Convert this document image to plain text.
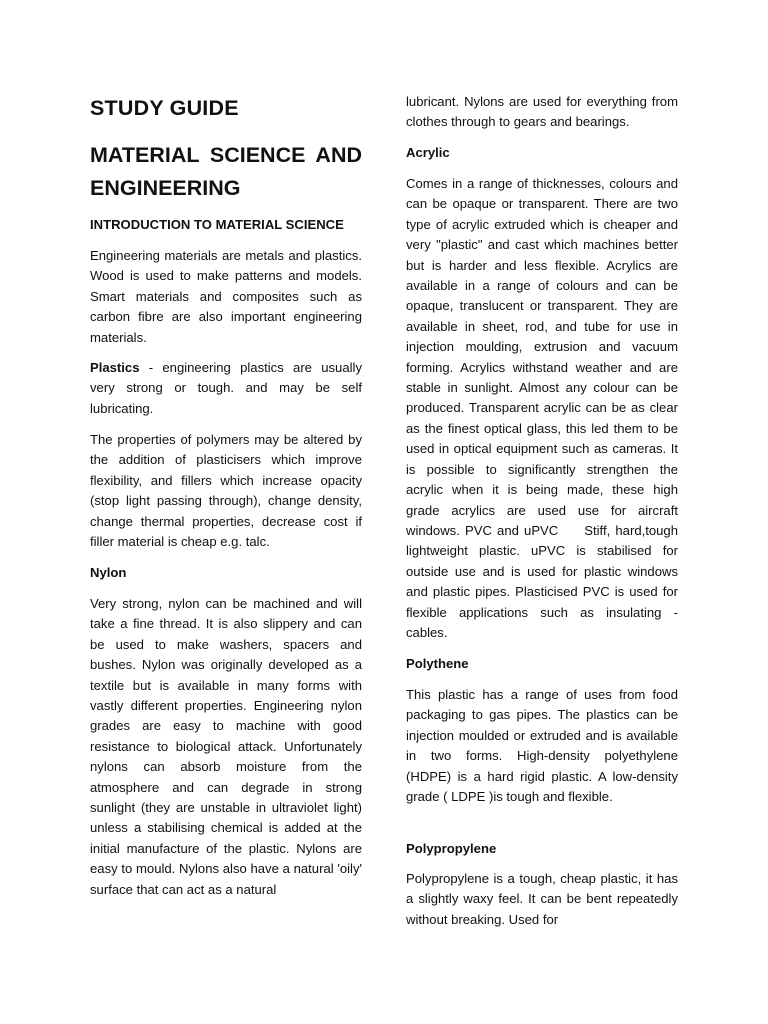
STUDY GUIDE
MATERIAL SCIENCE AND
ENGINEERING
INTRODUCTION TO MATERIAL SCIENCE

Engineering materials are metals and plastics. Wood is used to make patterns and models. Smart materials and composites such as carbon fibre are also important engineering materials.

Plastics - engineering plastics are usually very strong or tough. and may be self lubricating.

The properties of polymers may be altered by the addition of plasticisers which improve flexibility, and fillers which increase opacity (stop light passing through), change density, change thermal properties, decrease cost if filler material is cheap e.g. talc.

Nylon

Very strong, nylon can be machined and will take a fine thread. It is also slippery and can be used to make washers, spacers and bushes. Nylon was originally developed as a textile but is available in many forms with vastly different properties. Engineering nylon grades are easy to machine with good resistance to biological attack. Unfortunately nylons can absorb moisture from the atmosphere and can degrade in strong sunlight (they are unstable in ultraviolet light) unless a stabilising chemical is added at the initial manufacture of the plastic. Nylons are easy to mould. Nylons also have a natural 'oily' surface that can act as a natural

lubricant. Nylons are used for everything from clothes through to gears and bearings.

Acrylic

Comes in a range of thicknesses, colours and can be opaque or transparent. There are two type of acrylic extruded which is cheaper and very "plastic" and cast which machines better but is harder and less flexible. Acrylics are available in a range of colours and can be opaque, translucent or transparent. They are available in sheet, rod, and tube for use in injection moulding, extrusion and vacuum forming. Acrylics withstand weather and are stable in sunlight. Almost any colour can be produced. Transparent acrylic can be as clear as the finest optical glass, this led them to be used in optical equipment such as cameras. It is possible to significantly strengthen the acrylic when it is being made, these high grade acrylics are used use for aircraft windows. PVC and uPVC Stiff, hard,tough lightweight plastic. uPVC is stabilised for outside use and is used for plastic windows and plastic pipes. Plasticised PVC is used for flexible applications such as insulating - cables.

Polythene

This plastic has a range of uses from food packaging to gas pipes. The plastics can be injection moulded or extruded and is available in two forms. High-density polyethylene (HDPE) is a hard rigid plastic. A low-density grade ( LDPE )is tough and flexible.

Polypropylene

Polypropylene is a tough, cheap plastic, it has a slightly waxy feel. It can be bent repeatedly without breaking. Used for
